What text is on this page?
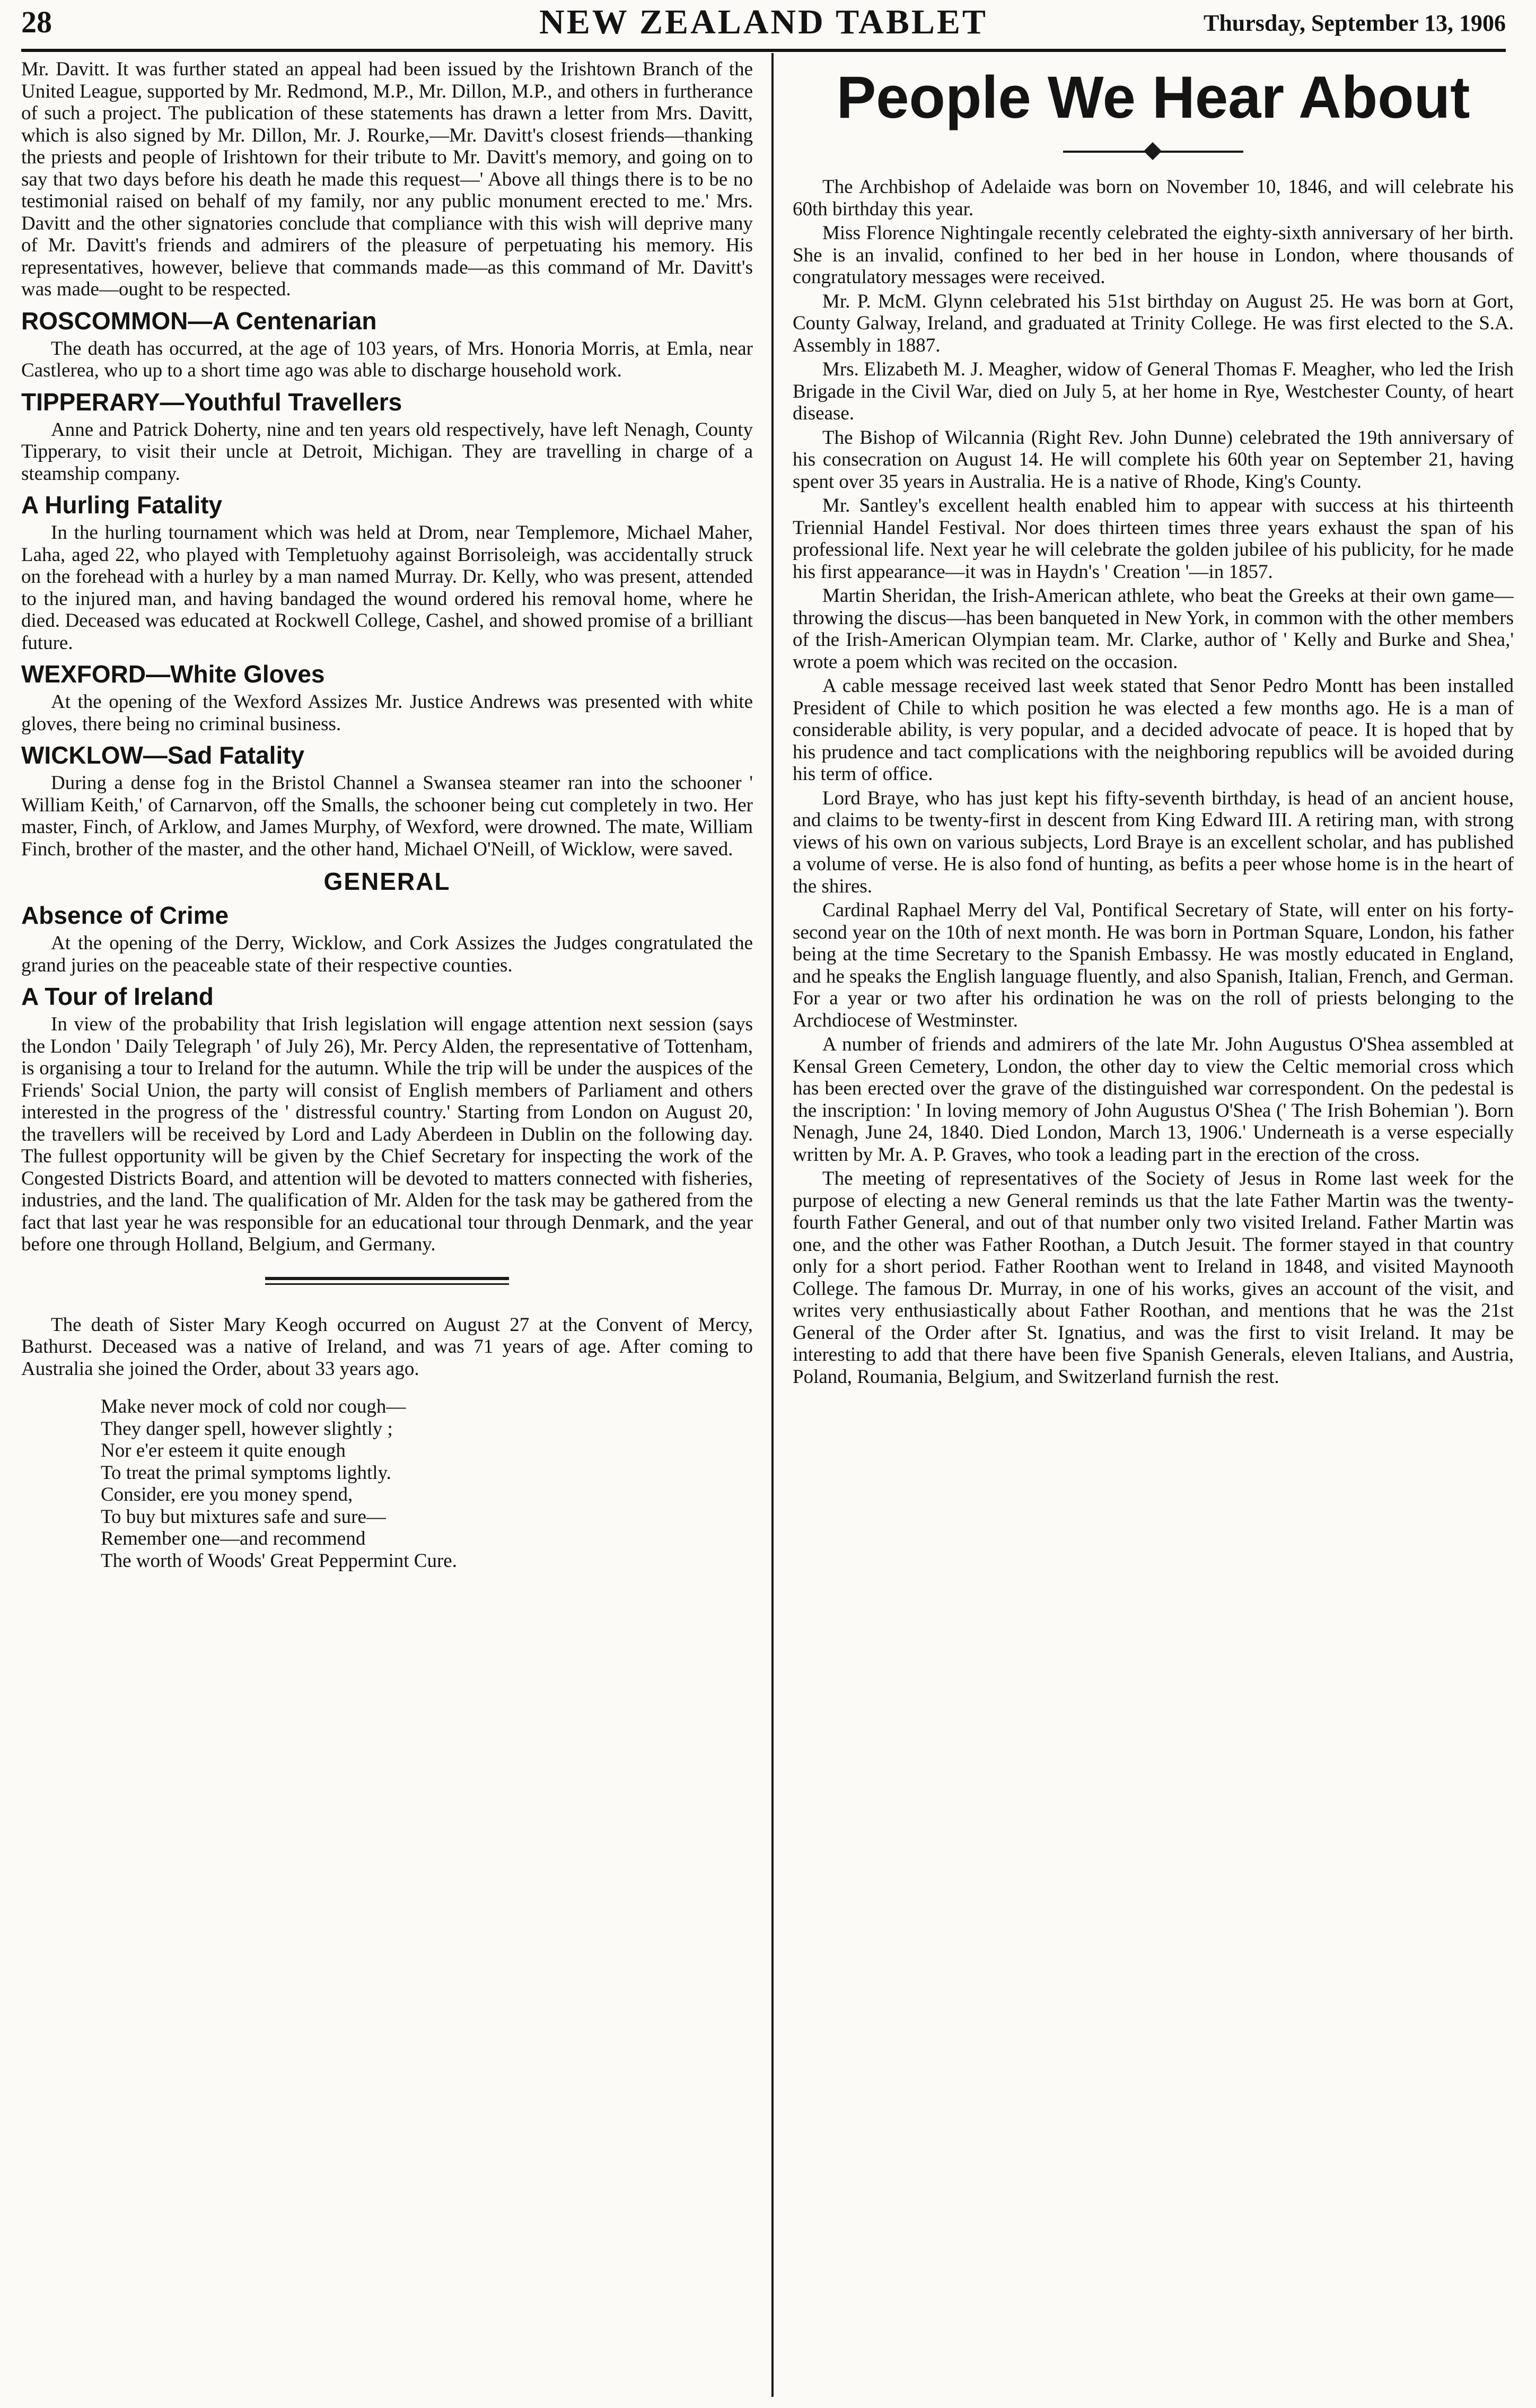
28	NEW ZEALAND TABLET	Thursday, September 13, 1906

Mr. Davitt. It was further stated an appeal had been issued by the Irishtown Branch of the United League, supported by Mr. Redmond, M.P., Mr. Dillon, M.P., and others in furtherance of such a project. The publication of these statements has drawn a letter from Mrs. Davitt, which is also signed by Mr. Dillon, Mr. J. Rourke,—Mr. Davitt's closest friends—thanking the priests and people of Irishtown for their tribute to Mr. Davitt's memory, and going on to say that two days before his death he made this request—' Above all things there is to be no testimonial raised on behalf of my family, nor any public monument erected to me.' Mrs. Davitt and the other signatories conclude that compliance with this wish will deprive many of Mr. Davitt's friends and admirers of the pleasure of perpetuating his memory. His representatives, however, believe that commands made—as this command of Mr. Davitt's was made—ought to be respected.

ROSCOMMON—A Centenarian

The death has occurred, at the age of 103 years, of Mrs. Honoria Morris, at Emla, near Castlerea, who up to a short time ago was able to discharge household work.

TIPPERARY—Youthful Travellers

Anne and Patrick Doherty, nine and ten years old respectively, have left Nenagh, County Tipperary, to visit their uncle at Detroit, Michigan. They are travelling in charge of a steamship company.

A Hurling Fatality

In the hurling tournament which was held at Drom, near Templemore, Michael Maher, Laha, aged 22, who played with Templetuohy against Borrisoleigh, was accidentally struck on the forehead with a hurley by a man named Murray. Dr. Kelly, who was present, attended to the injured man, and having bandaged the wound ordered his removal home, where he died. Deceased was educated at Rockwell College, Cashel, and showed promise of a brilliant future.

WEXFORD—White Gloves

At the opening of the Wexford Assizes Mr. Justice Andrews was presented with white gloves, there being no criminal business.

WICKLOW—Sad Fatality

During a dense fog in the Bristol Channel a Swansea steamer ran into the schooner ' William Keith,' of Carnarvon, off the Smalls, the schooner being cut completely in two. Her master, Finch, of Arklow, and James Murphy, of Wexford, were drowned. The mate, William Finch, brother of the master, and the other hand, Michael O'Neill, of Wicklow, were saved.

GENERAL
Absence of Crime

At the opening of the Derry, Wicklow, and Cork Assizes the Judges congratulated the grand juries on the peaceable state of their respective counties.

A Tour of Ireland

In view of the probability that Irish legislation will engage attention next session (says the London ' Daily Telegraph ' of July 26), Mr. Percy Alden, the representative of Tottenham, is organising a tour to Ireland for the autumn. While the trip will be under the auspices of the Friends' Social Union, the party will consist of English members of Parliament and others interested in the progress of the ' distressful country.' Starting from London on August 20, the travellers will be received by Lord and Lady Aberdeen in Dublin on the following day. The fullest opportunity will be given by the Chief Secretary for inspecting the work of the Congested Districts Board, and attention will be devoted to matters connected with fisheries, industries, and the land. The qualification of Mr. Alden for the task may be gathered from the fact that last year he was responsible for an educational tour through Denmark, and the year before one through Holland, Belgium, and Germany.

The death of Sister Mary Keogh occurred on August 27 at the Convent of Mercy, Bathurst. Deceased was a native of Ireland, and was 71 years of age. After coming to Australia she joined the Order, about 33 years ago.

Make never mock of cold nor cough—
They danger spell, however slightly ;
Nor e'er esteem it quite enough
To treat the primal symptoms lightly.
Consider, ere you money spend,
To buy but mixtures safe and sure—
Remember one—and recommend
The worth of Woods' Great Peppermint Cure.
People We Hear About

The Archbishop of Adelaide was born on November 10, 1846, and will celebrate his 60th birthday this year.

Miss Florence Nightingale recently celebrated the eighty-sixth anniversary of her birth. She is an invalid, confined to her bed in her house in London, where thousands of congratulatory messages were received.

Mr. P. McM. Glynn celebrated his 51st birthday on August 25. He was born at Gort, County Galway, Ireland, and graduated at Trinity College. He was first elected to the S.A. Assembly in 1887.

Mrs. Elizabeth M. J. Meagher, widow of General Thomas F. Meagher, who led the Irish Brigade in the Civil War, died on July 5, at her home in Rye, Westchester County, of heart disease.

The Bishop of Wilcannia (Right Rev. John Dunne) celebrated the 19th anniversary of his consecration on August 14. He will complete his 60th year on September 21, having spent over 35 years in Australia. He is a native of Rhode, King's County.

Mr. Santley's excellent health enabled him to appear with success at his thirteenth Triennial Handel Festival. Nor does thirteen times three years exhaust the span of his professional life. Next year he will celebrate the golden jubilee of his publicity, for he made his first appearance—it was in Haydn's ' Creation '—in 1857.

Martin Sheridan, the Irish-American athlete, who beat the Greeks at their own game—throwing the discus—has been banqueted in New York, in common with the other members of the Irish-American Olympian team. Mr. Clarke, author of ' Kelly and Burke and Shea,' wrote a poem which was recited on the occasion.

A cable message received last week stated that Senor Pedro Montt has been installed President of Chile to which position he was elected a few months ago. He is a man of considerable ability, is very popular, and a decided advocate of peace. It is hoped that by his prudence and tact complications with the neighboring republics will be avoided during his term of office.

Lord Braye, who has just kept his fifty-seventh birthday, is head of an ancient house, and claims to be twenty-first in descent from King Edward III. A retiring man, with strong views of his own on various subjects, Lord Braye is an excellent scholar, and has published a volume of verse. He is also fond of hunting, as befits a peer whose home is in the heart of the shires.

Cardinal Raphael Merry del Val, Pontifical Secretary of State, will enter on his forty-second year on the 10th of next month. He was born in Portman Square, London, his father being at the time Secretary to the Spanish Embassy. He was mostly educated in England, and he speaks the English language fluently, and also Spanish, Italian, French, and German. For a year or two after his ordination he was on the roll of priests belonging to the Archdiocese of Westminster.

A number of friends and admirers of the late Mr. John Augustus O'Shea assembled at Kensal Green Cemetery, London, the other day to view the Celtic memorial cross which has been erected over the grave of the distinguished war correspondent. On the pedestal is the inscription: ' In loving memory of John Augustus O'Shea (' The Irish Bohemian '). Born Nenagh, June 24, 1840. Died London, March 13, 1906.' Underneath is a verse especially written by Mr. A. P. Graves, who took a leading part in the erection of the cross.

The meeting of representatives of the Society of Jesus in Rome last week for the purpose of electing a new General reminds us that the late Father Martin was the twenty-fourth Father General, and out of that number only two visited Ireland. Father Martin was one, and the other was Father Roothan, a Dutch Jesuit. The former stayed in that country only for a short period. Father Roothan went to Ireland in 1848, and visited Maynooth College. The famous Dr. Murray, in one of his works, gives an account of the visit, and writes very enthusiastically about Father Roothan, and mentions that he was the 21st General of the Order after St. Ignatius, and was the first to visit Ireland. It may be interesting to add that there have been five Spanish Generals, eleven Italians, and Austria, Poland, Roumania, Belgium, and Switzerland furnish the rest.
